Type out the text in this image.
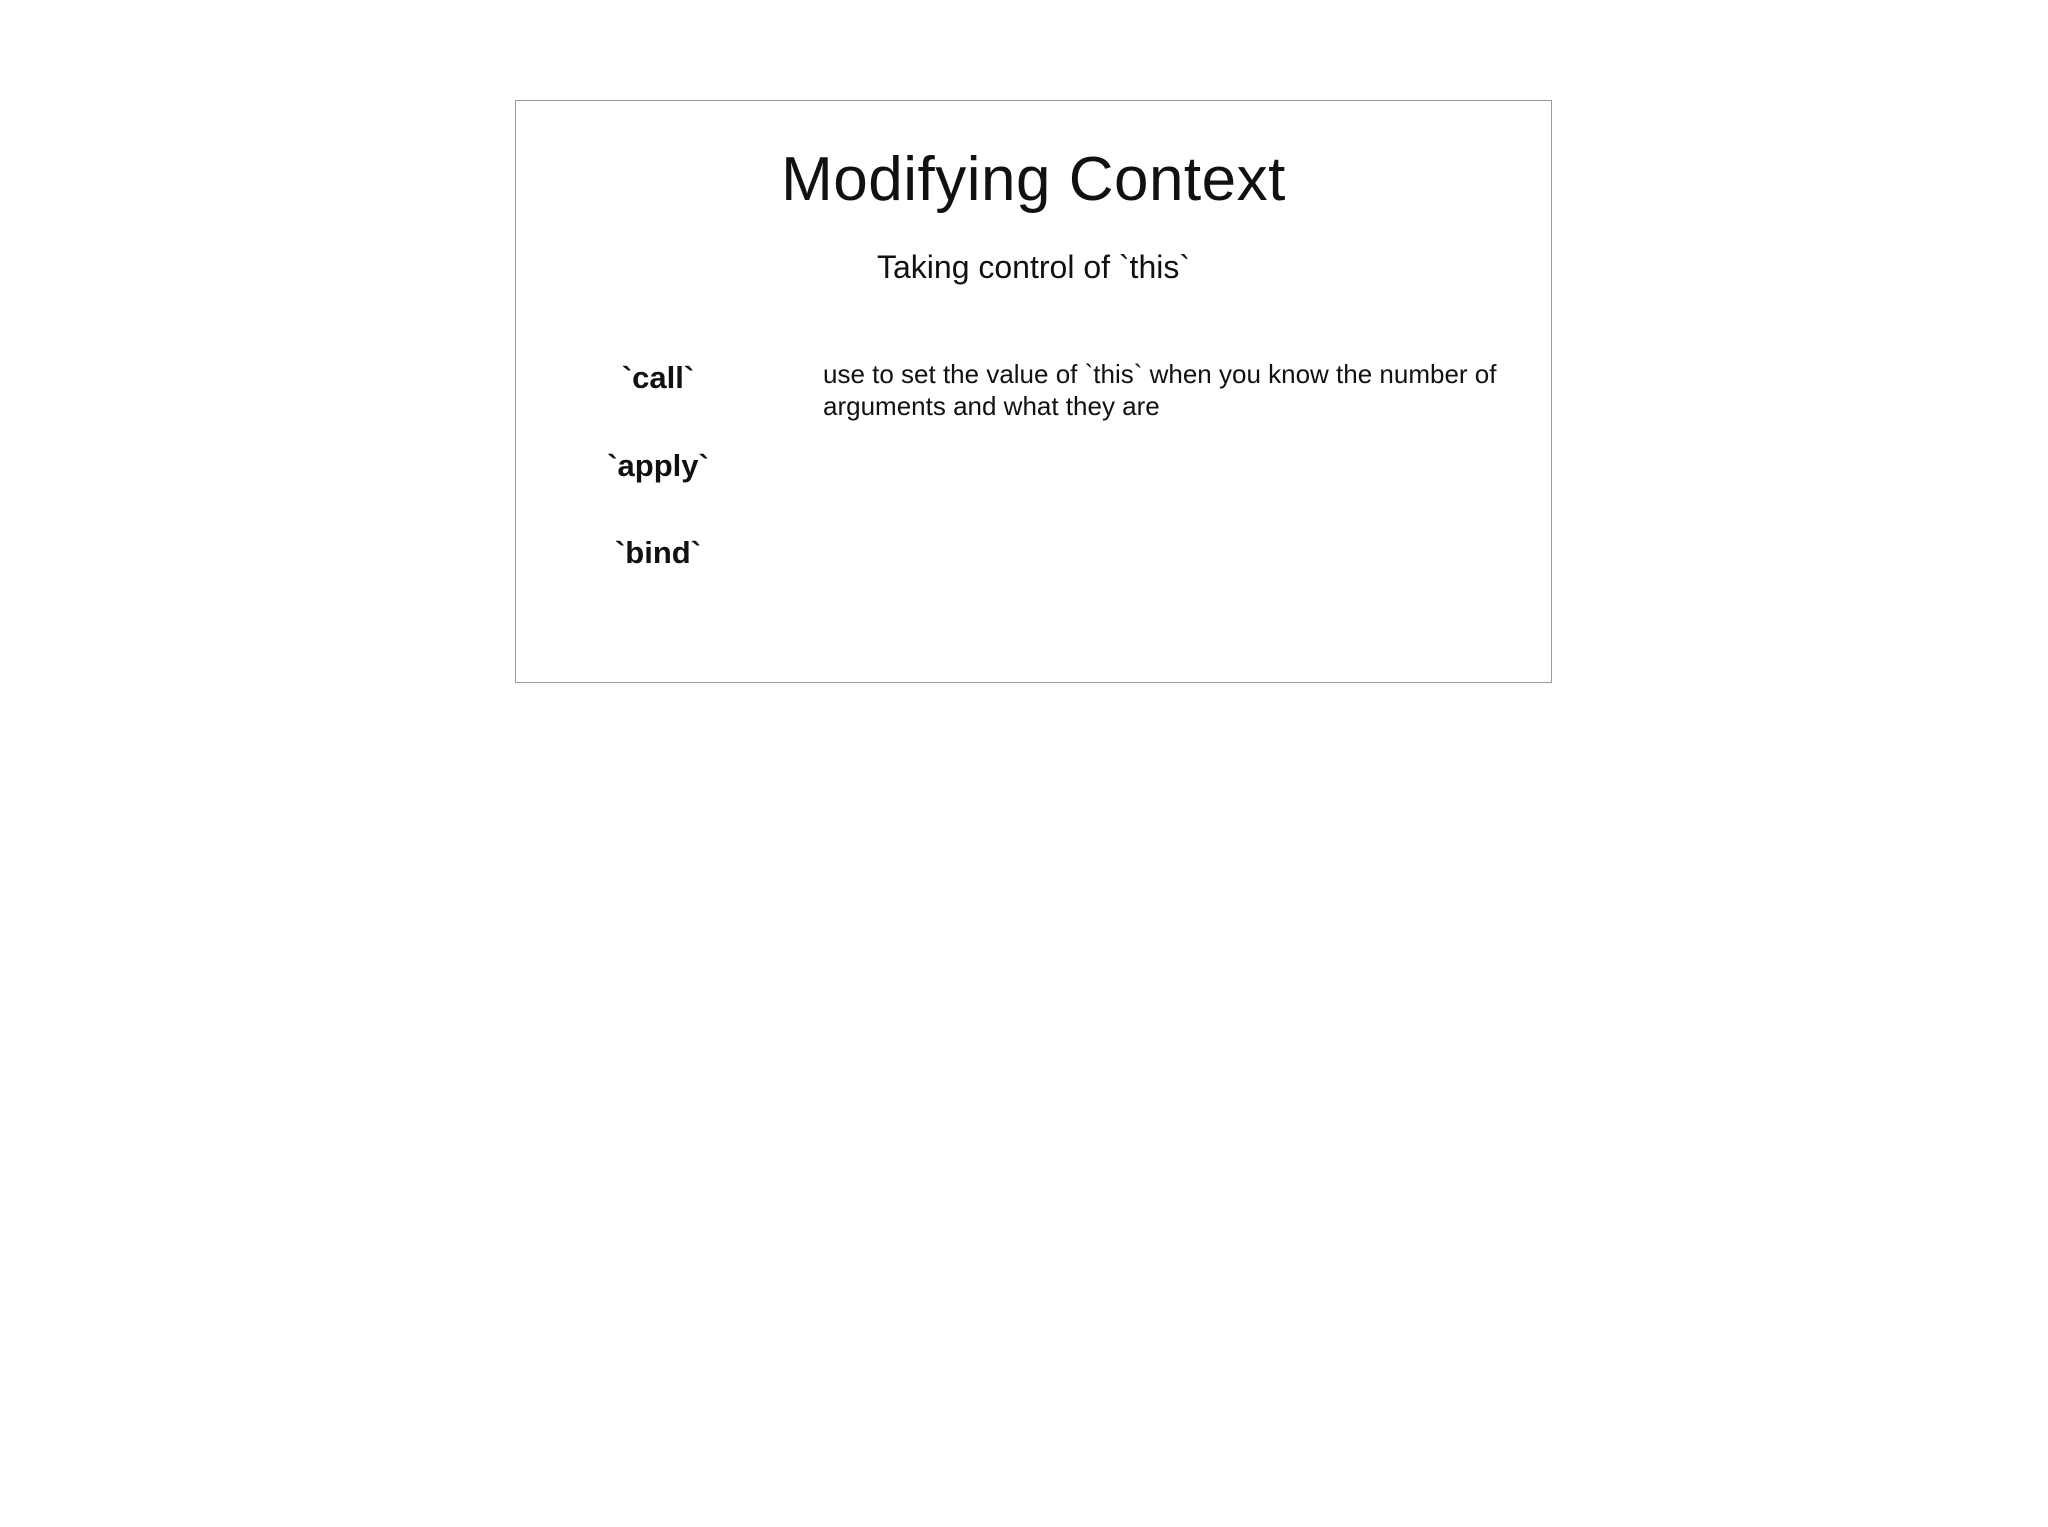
Modifying Context
Taking control of `this`
`call`	use to set the value of `this` when you know the number of arguments and what they are

`apply`
`bind`
